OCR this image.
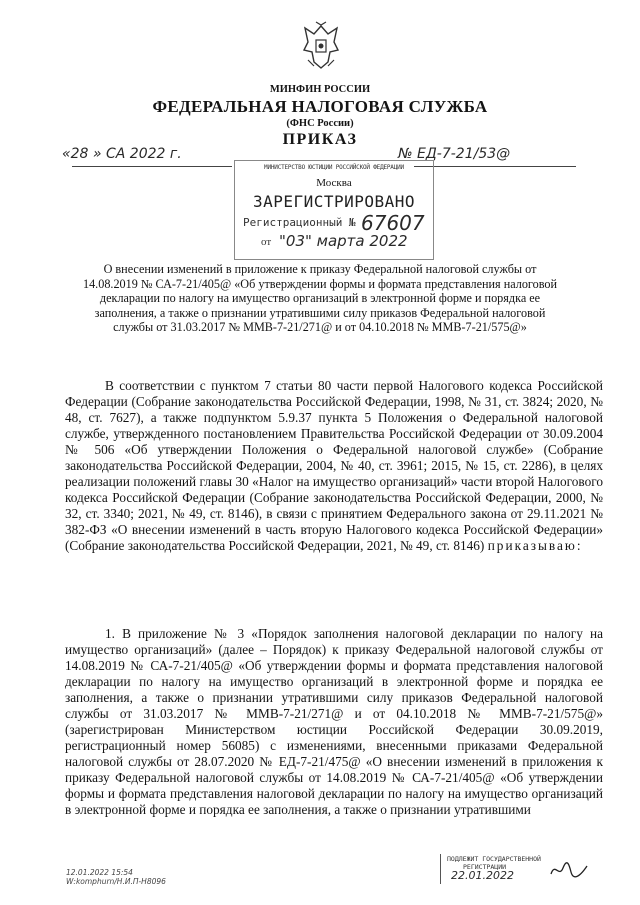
МИНФИН РОССИИ
ФЕДЕРАЛЬНАЯ НАЛОГОВАЯ СЛУЖБА
(ФНС России)
ПРИКАЗ
«28 » СА 2022 г.	№ ЕД-7-21/53@
МИНИСТЕРСТВО ЮСТИЦИИ РОССИЙСКОЙ ФЕДЕРАЦИИ
Москва
ЗАРЕГИСТРИРОВАНО
Регистрационный № 67607
от "03" марта 2022
О внесении изменений в приложение к приказу Федеральной налоговой службы от 14.08.2019 № СА-7-21/405@ «Об утверждении формы и формата представления налоговой декларации по налогу на имущество организаций в электронной форме и порядка ее заполнения, а также о признании утратившими силу приказов Федеральной налоговой службы от 31.03.2017 № ММВ-7-21/271@ и от 04.10.2018 № ММВ-7-21/575@»
В соответствии с пунктом 7 статьи 80 части первой Налогового кодекса Российской Федерации (Собрание законодательства Российской Федерации, 1998, № 31, ст. 3824; 2020, № 48, ст. 7627), а также подпунктом 5.9.37 пункта 5 Положения о Федеральной налоговой службе, утвержденного постановлением Правительства Российской Федерации от 30.09.2004 № 506 «Об утверждении Положения о Федеральной налоговой службе» (Собрание законодательства Российской Федерации, 2004, № 40, ст. 3961; 2015, № 15, ст. 2286), в целях реализации положений главы 30 «Налог на имущество организаций» части второй Налогового кодекса Российской Федерации (Собрание законодательства Российской Федерации, 2000, № 32, ст. 3340; 2021, № 49, ст. 8146), в связи с принятием Федерального закона от 29.11.2021 № 382-ФЗ «О внесении изменений в часть вторую Налогового кодекса Российской Федерации» (Собрание законодательства Российской Федерации, 2021, № 49, ст. 8146) приказываю:
1. В приложение № 3 «Порядок заполнения налоговой декларации по налогу на имущество организаций» (далее – Порядок) к приказу Федеральной налоговой службы от 14.08.2019 № СА-7-21/405@ «Об утверждении формы и формата представления налоговой декларации по налогу на имущество организаций в электронной форме и порядка ее заполнения, а также о признании утратившими силу приказов Федеральной налоговой службы от 31.03.2017 № ММВ-7-21/271@ и от 04.10.2018 № ММВ-7-21/575@» (зарегистрирован Министерством юстиции Российской Федерации 30.09.2019, регистрационный номер 56085) с изменениями, внесенными приказами Федеральной налоговой службы от 28.07.2020 № ЕД-7-21/475@ «О внесении изменений в приложения к приказу Федеральной налоговой службы от 14.08.2019 № СА-7-21/405@ «Об утверждении формы и формата представления налоговой декларации по налогу на имущество организаций в электронной форме и порядка ее заполнения, а также о признании утратившими
12.01.2022 15:54
W:komphurn/Н.И.П-Н8096
ПОДЛЕЖИТ ГОСУДАРСТВЕННОЙ
РЕГИСТРАЦИИ
22.01.2022
